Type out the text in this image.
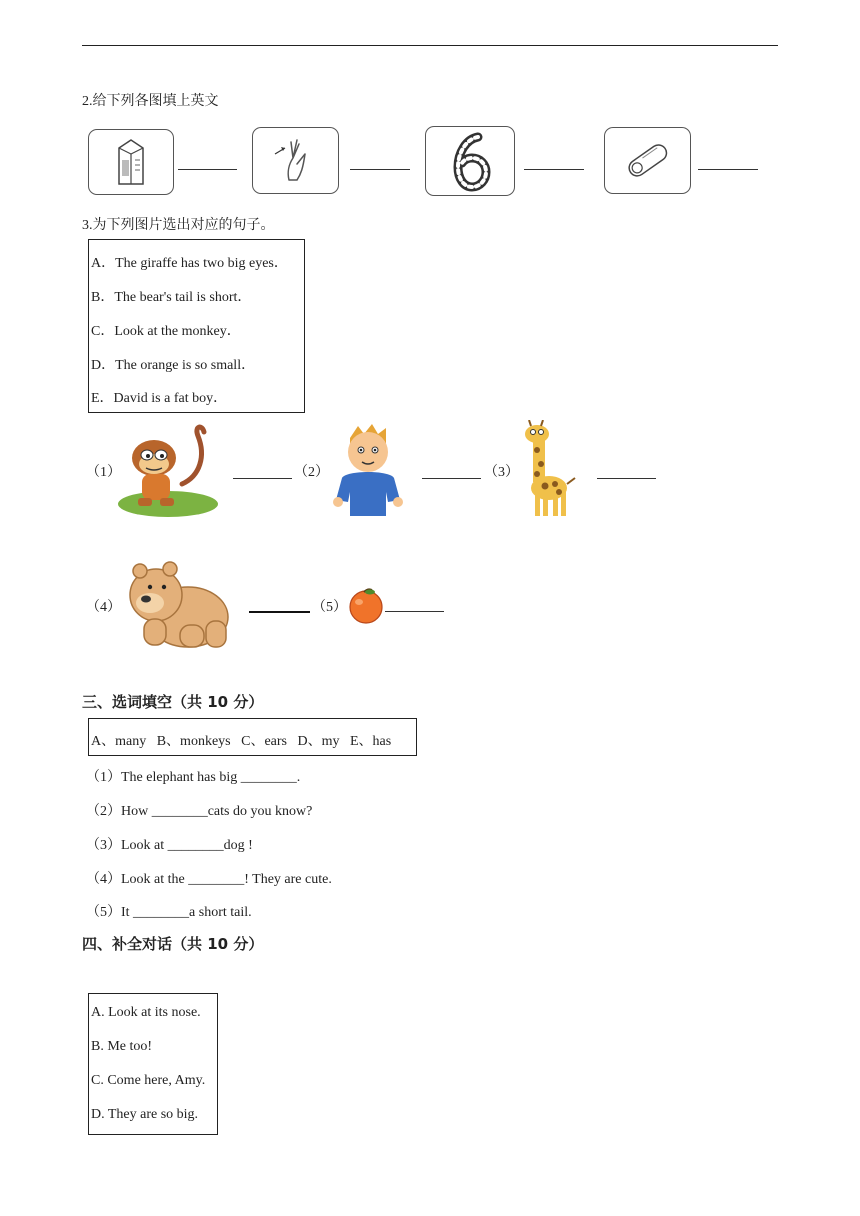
2.给下列各图填上英文
3.为下列图片选出对应的句子。
A．The giraffe has two big eyes．
B．The bear's tail is short．
C．Look at the monkey．
D．The orange is so small．
E．David is a fat boy．
（1）	（2）	（3）
（4）	（5）
三、选词填空（共 10 分）
A、many   B、monkeys   C、ears   D、my   E、has
（1）The elephant has big ________.
（2）How ________cats do you know?
（3）Look at ________dog !
（4）Look at the ________! They are cute.
（5）It ________a short tail.
四、补全对话（共 10 分）
A. Look at its nose.
B. Me too!
C. Come here, Amy.
D. They are so big.
